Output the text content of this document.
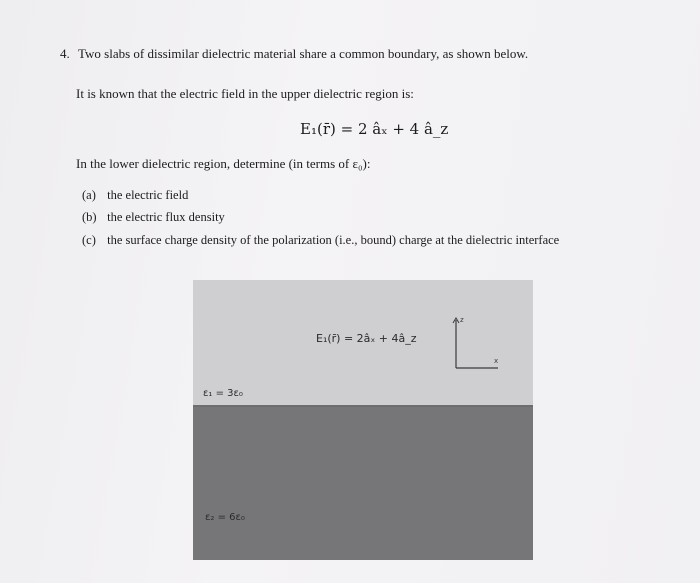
4. Two slabs of dissimilar dielectric material share a common boundary, as shown below.
It is known that the electric field in the upper dielectric region is:
E₁(r̄) = 2 âₓ + 4 â_z
In the lower dielectric region, determine (in terms of ε₀):
(a) the electric field
(b) the electric flux density
(c) the surface charge density of the polarization (i.e., bound) charge at the dielectric interface
E₁(r̄) = 2âₓ + 4â_z
ε₁ = 3ε₀
ε₂ = 6ε₀
z
x
